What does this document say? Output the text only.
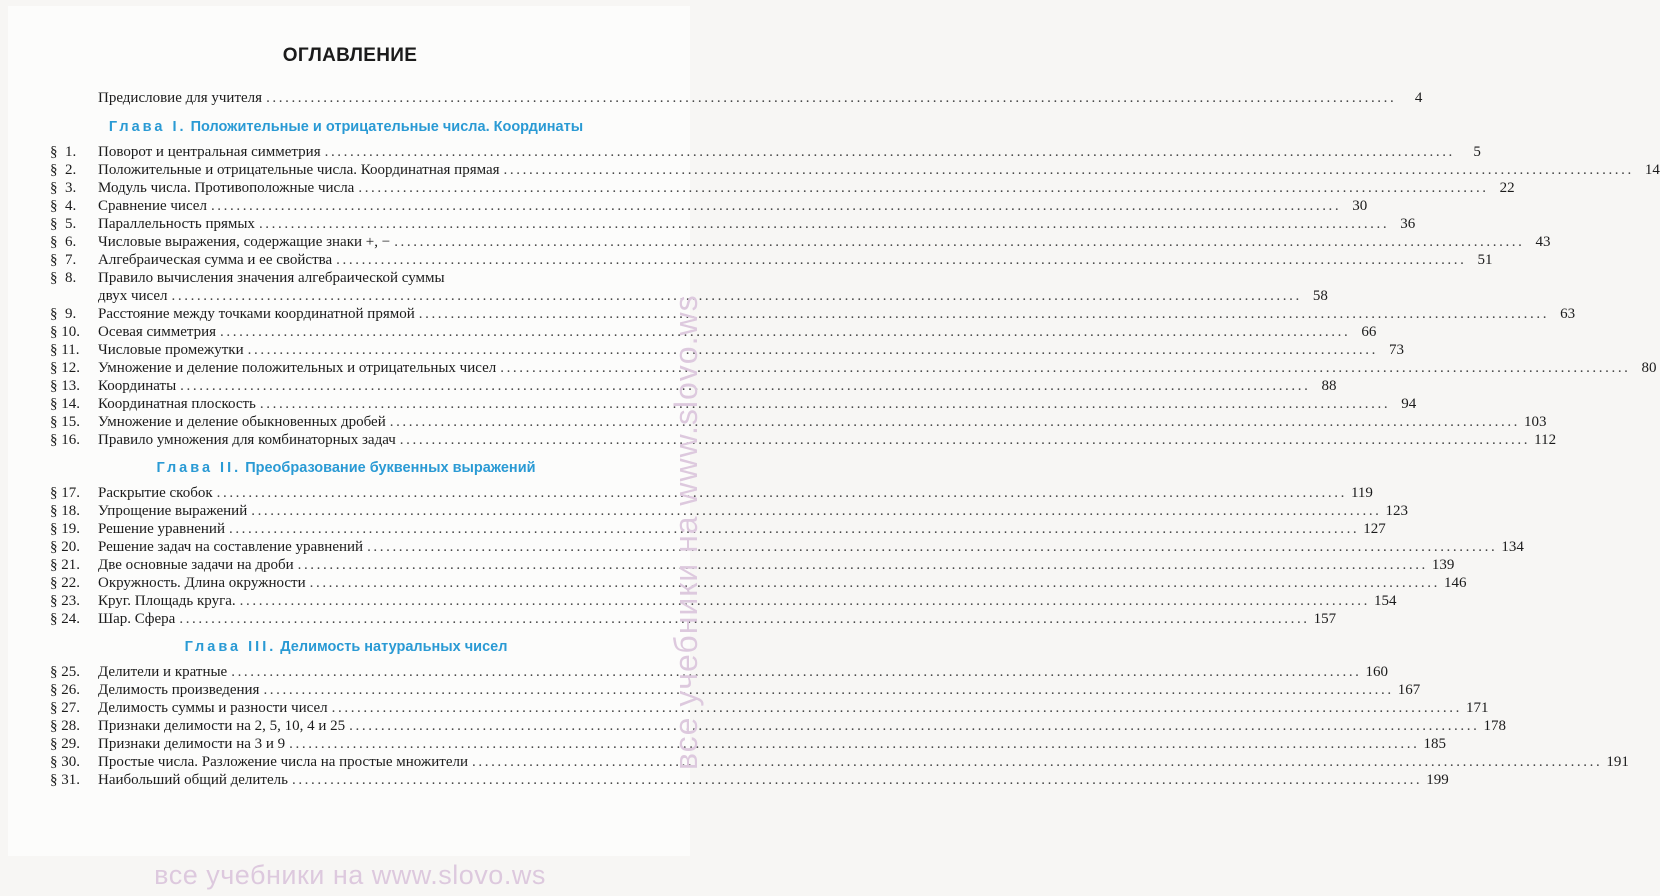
ОГЛАВЛЕНИЕ
Предисловие для учителя .....	4
Глава I. Положительные и отрицательные числа. Координаты
§  1.	Поворот и центральная симметрия .....	5
§  2.	Положительные и отрицательные числа. Координатная прямая .....	14
§  3.	Модуль числа. Противоположные числа .....	22
§  4.	Сравнение чисел .....	30
§  5.	Параллельность прямых .....	36
§  6.	Числовые выражения, содержащие знаки +, − .....	43
§  7.	Алгебраическая сумма и ее свойства .....	51
§  8.	Правило вычисления значения алгебраической суммы
двух чисел .....	58
§  9.	Расстояние между точками координатной прямой .....	63
§ 10.	Осевая симметрия .....	66
§ 11.	Числовые промежутки .....	73
§ 12.	Умножение и деление положительных и отрицательных чисел .....	80
§ 13.	Координаты .....	88
§ 14.	Координатная плоскость .....	94
§ 15.	Умножение и деление обыкновенных дробей .....	103
§ 16.	Правило умножения для комбинаторных задач .....	112
Глава II. Преобразование буквенных выражений
§ 17.	Раскрытие скобок .....	119
§ 18.	Упрощение выражений .....	123
§ 19.	Решение уравнений .....	127
§ 20.	Решение задач на составление уравнений .....	134
§ 21.	Две основные задачи на дроби .....	139
§ 22.	Окружность. Длина окружности .....	146
§ 23.	Круг. Площадь круга. .....	154
§ 24.	Шар. Сфера .....	157
Глава III. Делимость натуральных чисел
§ 25.	Делители и кратные .....	160
§ 26.	Делимость произведения .....	167
§ 27.	Делимость суммы и разности чисел .....	171
§ 28.	Признаки делимости на 2, 5, 10, 4 и 25 .....	178
§ 29.	Признаки делимости на 3 и 9 .....	185
§ 30.	Простые числа. Разложение числа на простые множители .....	191
§ 31.	Наибольший общий делитель .....	199
все учебники на www.slovo.ws
все учебники на www.slovo.ws
